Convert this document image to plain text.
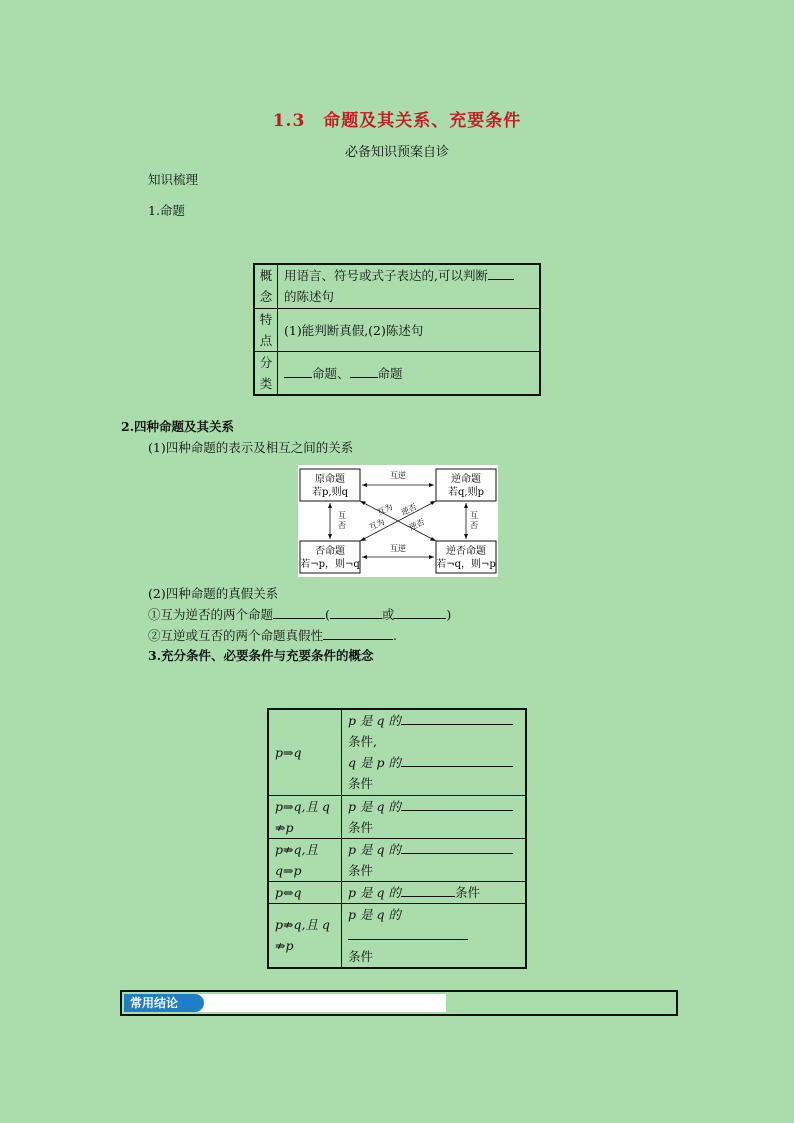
1.3　命题及其关系、充要条件
必备知识预案自诊
知识梳理
1.命题
概
念	用语言、符号或式子表达的,可以判断
的陈述句
特
点	(1)能判断真假,(2)陈述句
分
类	命题、 命题
2.四种命题及其关系
(1)四种命题的表示及相互之间的关系
原命题
若p,则q
逆命题
若q,则p
否命题
若¬p，则¬q
逆否命题
若¬q，则¬p
互逆
互逆
互
否
互
否
互为 逆否
互为	逆否
(2)四种命题的真假关系
①互为逆否的两个命题	(	或	)
②互逆或互否的两个命题真假性	.
3.充分条件、必要条件与充要条件的概念
p⇒q	p 是 q 的
条件,
q 是 p 的
条件
p⇒q,且 q
⇏p	p 是 q 的
条件
p⇏q,且
q⇒p	p 是 q 的
条件
p⇔q	p 是 q 的 条件
p⇏q,且 q
⇏p	p 是 q 的
条件
常用结论
